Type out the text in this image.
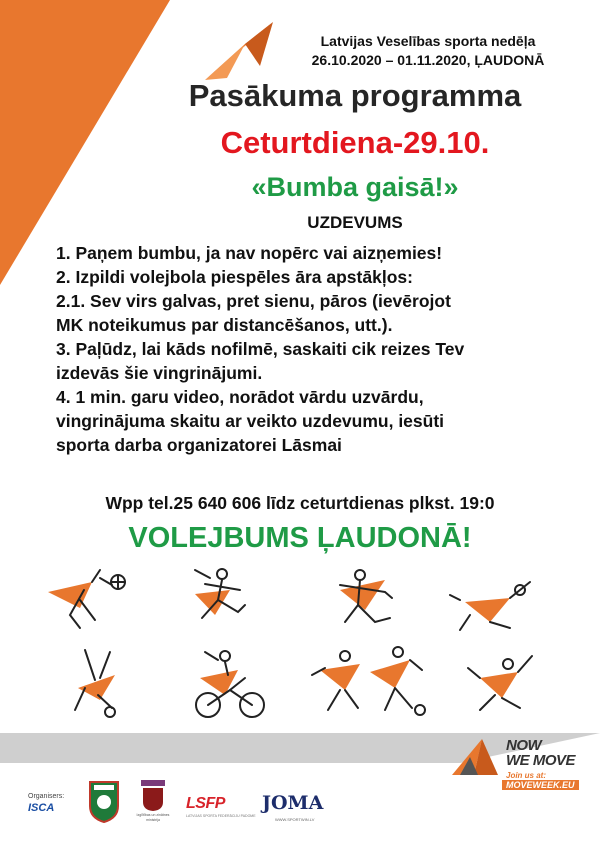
Latvijas Veselības sporta nedēļa
26.10.2020 – 01.11.2020, ĻAUDONĀ
Pasākuma programma
Ceturtdiena-29.10.
«Bumba gaisā!»
UZDEVUMS

1. Paņem bumbu, ja nav nopērc vai aizņemies!

2. Izpildi volejbola piespēles āra apstākļos:

2.1. Sev virs galvas, pret sienu, pāros (ievērojot

MK noteikumus par distancēšanos, utt.).

3. Paļūdz, lai kāds nofilmē, saskaiti cik reizes Tev

izdevās šie vingrinājumi.

4. 1 min. garu video, norādot vārdu uzvārdu,

vingrinājuma skaitu ar veikto uzdevumu, iesūti

sporta darba organizatorei Lāsmai

Wpp tel.25 640 606 līdz ceturtdienas plkst. 19:0
VOLEJBUMS ĻAUDONĀ!
NOW
WE MOVE
Join us at:
MOVEWEEK.EU
Organisers:
ISCA
Izglītības un zinātnes ministrija
LSFP
LATVIJAS SPORTA FEDERĀCIJU PADOME
JOMA
WWW.SPORTWIN.LV
